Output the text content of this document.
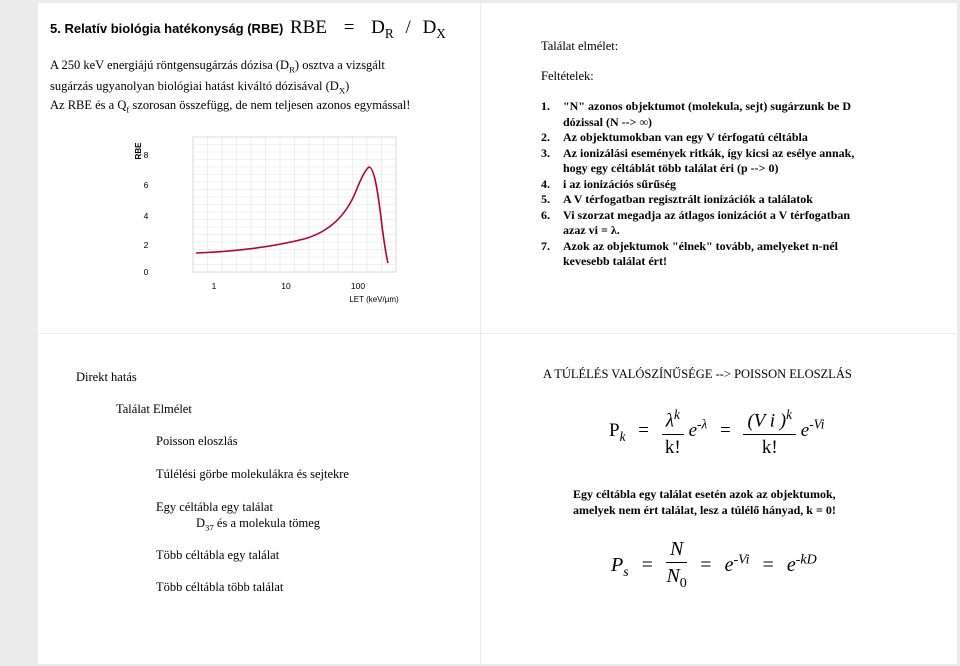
5. Relatív biológia hatékonyság (RBE) RBE = $D_R / D_X$
A 250 keV energiájú röntgensugárzás dózisa $(D_R)$ osztva a vizsgált
sugárzás ugyanolyan biológiai hatást kiváltó dózisával $(D_X)$
Az RBE és a $Q_f$ szorosan összefügg, de nem teljesen azonos egymással!
RBE
0
2
4
6
8
1	10	100
LET (keV/µm)
Találat elmélet:
Feltételek:
1. "N" azonos objektumot (molekula, sejt) sugárzunk be D
dózissal (N --> ∞)
2. Az objektumokban van egy V térfogatú céltábla
3. Az ionizálási események ritkák, így kicsi az esélye annak,
hogy egy céltáblát több találat éri (p --> 0)
4. i az ionizációs sűrűség
5. A V térfogatban regisztrált ionizációk a találatok
6. Vi szorzat megadja az átlagos ionizációt a V térfogatban
azaz vi = λ.
7. Azok az objektumok "élnek" tovább, amelyeket n-nél
kevesebb találat ért!
Direkt hatás
Találat Elmélet
Poisson eloszlás
Túlélési görbe molekulákra és sejtekre
Egy céltábla egy találat
$D_{37}$ és a molekula tömeg
Több céltábla egy találat
Több céltábla több találat
A TÚLÉLÉS VALÓSZÍNŰSÉGE --> POISSON ELOSZLÁS
$P_k = \frac{\lambda^k}{k!} e^{-\lambda} = \frac{(V i )^k}{k!} e^{-Vi}$
Egy céltábla egy találat esetén azok az objektumok,
amelyek nem ért találat, lesz a túlélő hányad, k = 0!
$P_s = \frac{N}{N_0} = e^{-Vi} = e^{-kD}$
